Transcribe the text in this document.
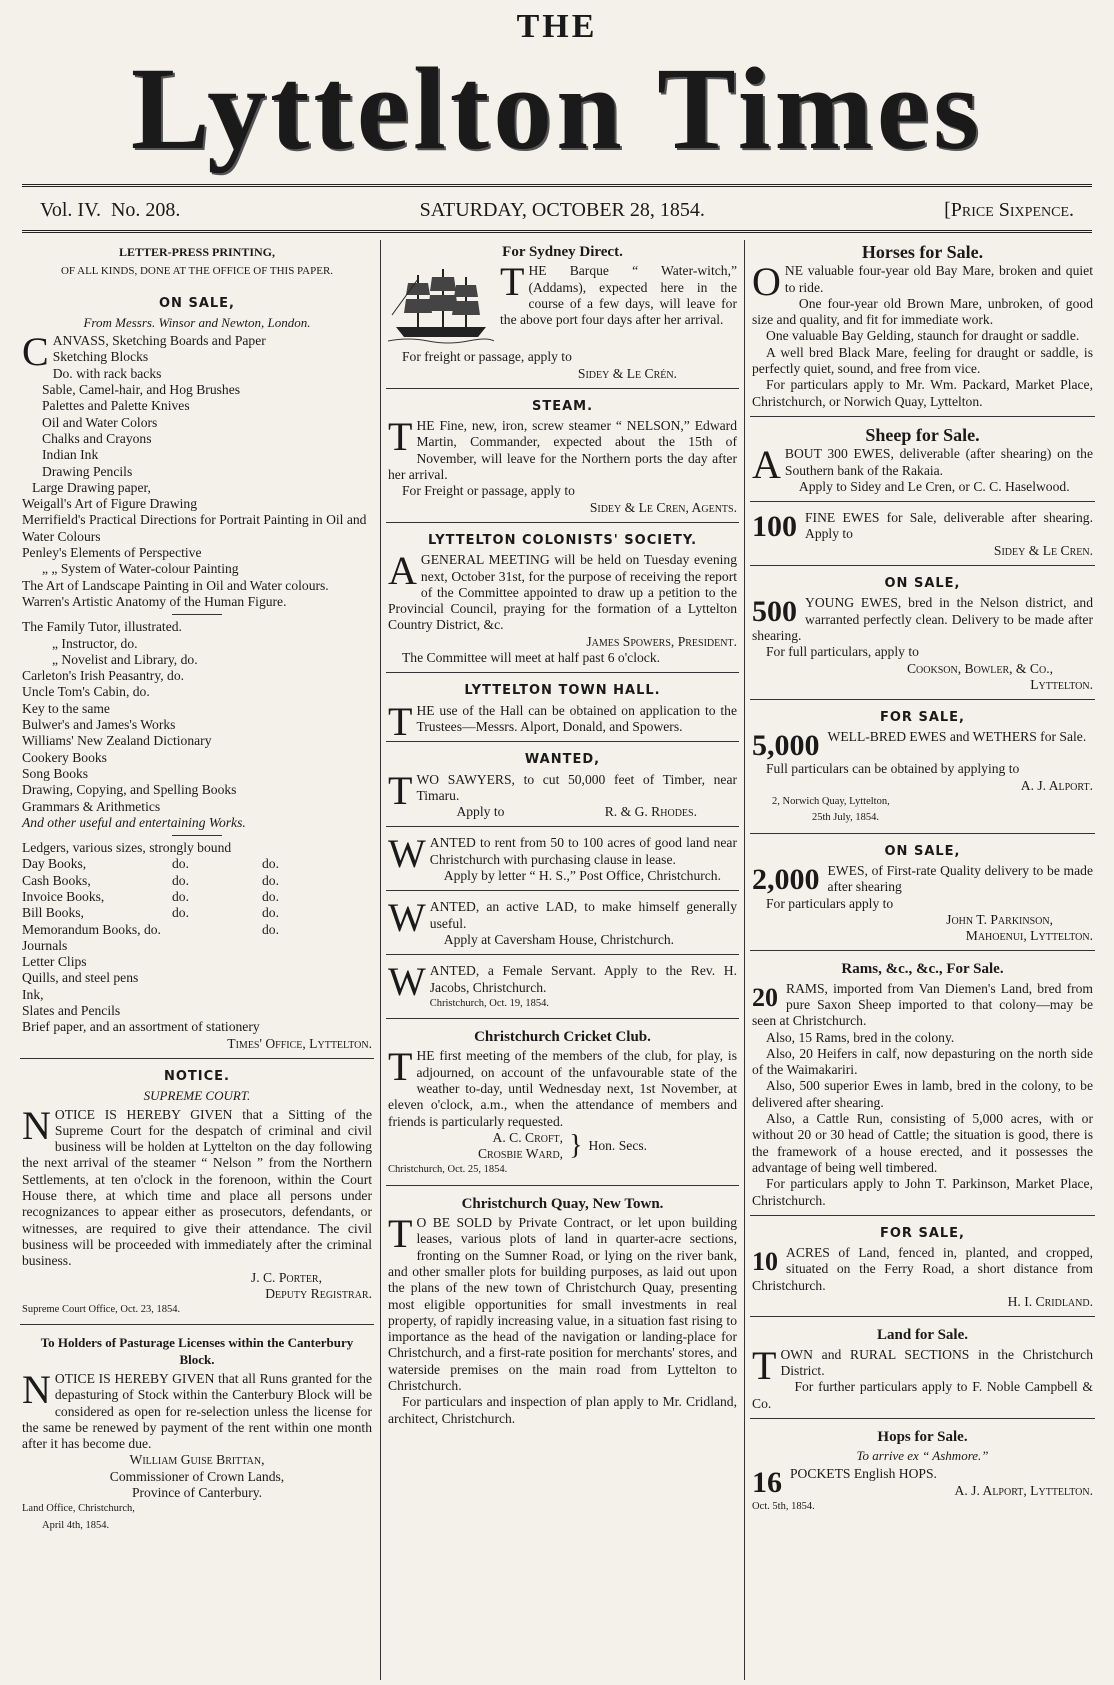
THE
Lyttelton Times
Vol. IV. No. 208.	SATURDAY, OCTOBER 28, 1854.	[Price Sixpence.
LETTER-PRESS PRINTING,
OF ALL KINDS, DONE AT THE OFFICE OF THIS PAPER.
ON SALE,
From Messrs. Winsor and Newton, London.

CANVASS, Sketching Boards and Paper

Sketching Blocks
Do. with rack backs
Sable, Camel-hair, and Hog Brushes
Palettes and Palette Knives
Oil and Water Colors
Chalks and Crayons
Indian Ink
Drawing Pencils
Large Drawing paper,
Weigall's Art of Figure Drawing
Merrifield's Practical Directions for Portrait Painting in Oil and Water Colours
Penley's Elements of Perspective
„ „ System of Water-colour Painting
The Art of Landscape Painting in Oil and Water colours.
Warren's Artistic Anatomy of the Human Figure.
The Family Tutor, illustrated.
„ Instructor, do.
„ Novelist and Library, do.
Carleton's Irish Peasantry, do.
Uncle Tom's Cabin, do.
Key to the same
Bulwer's and James's Works
Williams' New Zealand Dictionary
Cookery Books
Song Books
Drawing, Copying, and Spelling Books
Grammars & Arithmetics
And other useful and entertaining Works.
Ledgers, various sizes, strongly bound
Day Books,	do.	do.
Cash Books,	do.	do.
Invoice Books,	do.	do.
Bill Books,	do.	do.
Memorandum Books, do.	do.
Journals
Letter Clips
Quills, and steel pens
Ink,
Slates and Pencils
Brief paper, and an assortment of stationery
Times' Office, Lyttelton.
NOTICE.
SUPREME COURT.

NOTICE IS HEREBY GIVEN that a Sitting of the Supreme Court for the despatch of criminal and civil business will be holden at Lyttelton on the day following the next arrival of the steamer “ Nelson ” from the Northern Settlements, at ten o'clock in the forenoon, within the Court House there, at which time and place all persons under recognizances to appear either as prosecutors, defendants, or witnesses, are required to give their attendance. The civil business will be proceeded with immediately after the criminal business.

J. C. Porter,
Deputy Registrar.
Supreme Court Office, Oct. 23, 1854.
To Holders of Pasturage Licenses within the Canterbury Block.

NOTICE IS HEREBY GIVEN that all Runs granted for the depasturing of Stock within the Canterbury Block will be considered as open for re-selection unless the license for the same be renewed by payment of the rent within one month after it has become due.

William Guise Brittan,
Commissioner of Crown Lands,
Province of Canterbury.
Land Office, Christchurch,
April 4th, 1854.
For Sydney Direct.

THE Barque “ Water-witch,” (Addams), expected here in the course of a few days, will leave for the above port four days after her arrival.

For freight or passage, apply to

Sidey & Le Crén.
STEAM.

THE Fine, new, iron, screw steamer “ NELSON,” Edward Martin, Commander, expected about the 15th of November, will leave for the Northern ports the day after her arrival.

For Freight or passage, apply to

Sidey & Le Cren, Agents.
LYTTELTON COLONISTS' SOCIETY.

AGENERAL MEETING will be held on Tuesday evening next, October 31st, for the purpose of receiving the report of the Committee appointed to draw up a petition to the Provincial Council, praying for the formation of a Lyttelton Country District, &c.

James Spowers, President.

The Committee will meet at half past 6 o'clock.

LYTTELTON TOWN HALL.

THE use of the Hall can be obtained on application to the Trustees—Messrs. Alport, Donald, and Spowers.

WANTED,

TWO SAWYERS, to cut 50,000 feet of Timber, near Timaru.

Apply to	R. & G. Rhodes.

WANTED to rent from 50 to 100 acres of good land near Christchurch with purchasing clause in lease.

Apply by letter “ H. S.,” Post Office, Christchurch.

WANTED, an active LAD, to make himself generally useful.

Apply at Caversham House, Christchurch.

WANTED, a Female Servant. Apply to the Rev. H. Jacobs, Christchurch.

Christchurch, Oct. 19, 1854.
Christchurch Cricket Club.

THE first meeting of the members of the club, for play, is adjourned, on account of the unfavourable state of the weather to-day, until Wednesday next, 1st November, at eleven o'clock, a.m., when the attendance of members and friends is particularly requested.

A. C. Croft,
Crosbie Ward, } Hon. Secs.
Christchurch, Oct. 25, 1854.
Christchurch Quay, New Town.

TO BE SOLD by Private Contract, or let upon building leases, various plots of land in quarter-acre sections, fronting on the Sumner Road, or lying on the river bank, and other smaller plots for building purposes, as laid out upon the plans of the new town of Christchurch Quay, presenting most eligible opportunities for small investments in real property, of rapidly increasing value, in a situation fast rising to importance as the head of the navigation or landing-place for Christchurch, and a first-rate position for merchants' stores, and waterside premises on the main road from Lyttelton to Christchurch.

For particulars and inspection of plan apply to Mr. Cridland, architect, Christchurch.

Horses for Sale.

ONE valuable four-year old Bay Mare, broken and quiet to ride.

One four-year old Brown Mare, unbroken, of good size and quality, and fit for immediate work.

One valuable Bay Gelding, staunch for draught or saddle.

A well bred Black Mare, feeling for draught or saddle, is perfectly quiet, sound, and free from vice.

For particulars apply to Mr. Wm. Packard, Market Place, Christchurch, or Norwich Quay, Lyttelton.

Sheep for Sale.

ABOUT 300 EWES, deliverable (after shearing) on the Southern bank of the Rakaia.

Apply to Sidey and Le Cren, or C. C. Haselwood.

100 FINE EWES for Sale, deliverable after shearing. Apply to

Sidey & Le Cren.
ON SALE,
500 YOUNG EWES, bred in the Nelson district, and warranted perfectly clean. Delivery to be made after shearing.

For full particulars, apply to

Cookson, Bowler, & Co.,
Lyttelton.
FOR SALE,
5,000 WELL-BRED EWES and WETHERS for Sale.

Full particulars can be obtained by applying to

A. J. Alport.
2, Norwich Quay, Lyttelton,
25th July, 1854.
ON SALE,
2,000 EWES, of First-rate Quality delivery to be made after shearing

For particulars apply to

John T. Parkinson,
Mahoenui, Lyttelton.
Rams, &c., &c., For Sale.
20 RAMS, imported from Van Diemen's Land, bred from pure Saxon Sheep imported to that colony—may be seen at Christchurch.

Also, 15 Rams, bred in the colony.

Also, 20 Heifers in calf, now depasturing on the north side of the Waimakariri.

Also, 500 superior Ewes in lamb, bred in the colony, to be delivered after shearing.

Also, a Cattle Run, consisting of 5,000 acres, with or without 20 or 30 head of Cattle; the situation is good, there is the framework of a house erected, and it possesses the advantage of being well timbered.

For particulars apply to John T. Parkinson, Market Place, Christchurch.

FOR SALE,
10 ACRES of Land, fenced in, planted, and cropped, situated on the Ferry Road, a short distance from Christchurch.

H. I. Cridland.
Land for Sale.

TOWN and RURAL SECTIONS in the Christchurch District.

For further particulars apply to F. Noble Campbell & Co.

Hops for Sale.
To arrive ex “ Ashmore.”
16 POCKETS English HOPS.

A. J. Alport, Lyttelton.
Oct. 5th, 1854.
